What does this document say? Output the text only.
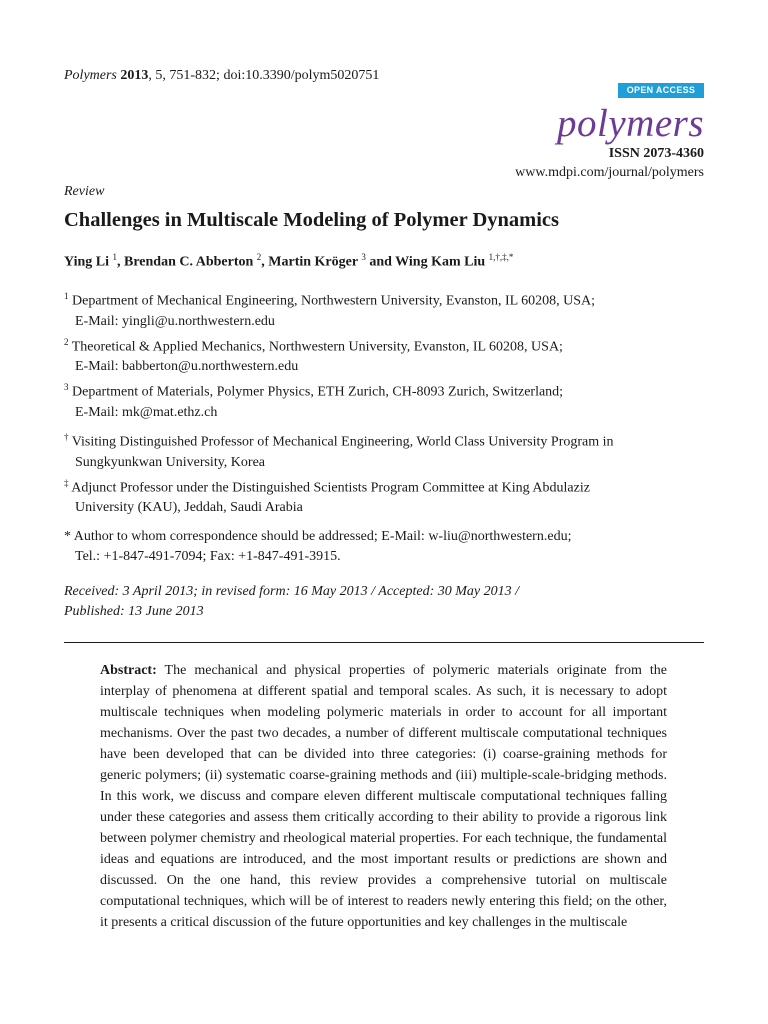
Polymers 2013, 5, 751-832; doi:10.3390/polym5020751
OPEN ACCESS
polymers
ISSN 2073-4360
www.mdpi.com/journal/polymers
Review
Challenges in Multiscale Modeling of Polymer Dynamics
Ying Li $^1$, Brendan C. Abberton $^2$, Martin Kröger $^3$ and Wing Kam Liu $^{1,\dagger,\ddagger,*}$
$^1$ Department of Mechanical Engineering, Northwestern University, Evanston, IL 60208, USA;
E-Mail: yingli@u.northwestern.edu
$^2$ Theoretical & Applied Mechanics, Northwestern University, Evanston, IL 60208, USA;
E-Mail: babberton@u.northwestern.edu
$^3$ Department of Materials, Polymer Physics, ETH Zurich, CH-8093 Zurich, Switzerland;
E-Mail: mk@mat.ethz.ch
† Visiting Distinguished Professor of Mechanical Engineering, World Class University Program in
Sungkyunkwan University, Korea
‡ Adjunct Professor under the Distinguished Scientists Program Committee at King Abdulaziz
University (KAU), Jeddah, Saudi Arabia
* Author to whom correspondence should be addressed; E-Mail: w-liu@northwestern.edu;
Tel.: +1-847-491-7094; Fax: +1-847-491-3915.
Received: 3 April 2013; in revised form: 16 May 2013 / Accepted: 30 May 2013 /
Published: 13 June 2013
Abstract: The mechanical and physical properties of polymeric materials originate from the interplay of phenomena at different spatial and temporal scales. As such, it is necessary to adopt multiscale techniques when modeling polymeric materials in order to account for all important mechanisms. Over the past two decades, a number of different multiscale computational techniques have been developed that can be divided into three categories: (i) coarse-graining methods for generic polymers; (ii) systematic coarse-graining methods and (iii) multiple-scale-bridging methods. In this work, we discuss and compare eleven different multiscale computational techniques falling under these categories and assess them critically according to their ability to provide a rigorous link between polymer chemistry and rheological material properties. For each technique, the fundamental ideas and equations are introduced, and the most important results or predictions are shown and discussed. On the one hand, this review provides a comprehensive tutorial on multiscale computational techniques, which will be of interest to readers newly entering this field; on the other, it presents a critical discussion of the future opportunities and key challenges in the multiscale
